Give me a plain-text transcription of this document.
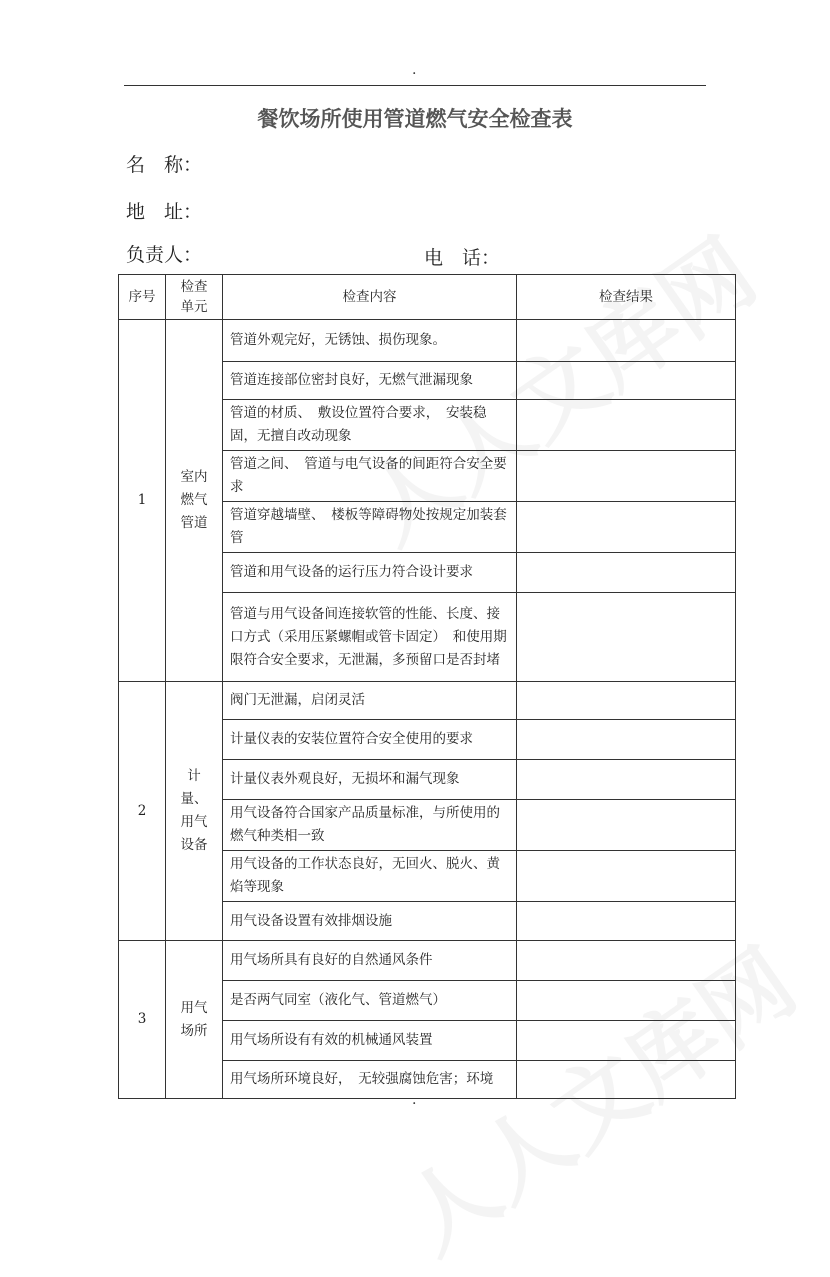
.
餐饮场所使用管道燃气安全检查表
名　称：
地　址：
负责人：	电　话：
序号	检查单元	检查内容	检查结果
1	室内燃气管道	管道外观完好，无锈蚀、损伤现象。	
		管道连接部位密封良好，无燃气泄漏现象	
		管道的材质、　敷设位置符合要求，　安装稳固，无擅自改动现象	
		管道之间、　管道与电气设备的间距符合安全要求	
		管道穿越墙壁、　楼板等障碍物处按规定加装套管	
		管道和用气设备的运行压力符合设计要求	
		管道与用气设备间连接软管的性能、长度、接口方式（采用压紧螺帽或管卡固定）　和使用期限符合安全要求，无泄漏，多预留口是否封堵	
2	计量、用气设备	阀门无泄漏，启闭灵活	
		计量仪表的安装位置符合安全使用的要求	
		计量仪表外观良好，无损坏和漏气现象	
		用气设备符合国家产品质量标准，与所使用的燃气种类相一致	
		用气设备的工作状态良好，无回火、脱火、黄焰等现象	
		用气设备设置有效排烟设施	
3	用气场所	用气场所具有良好的自然通风条件	
		是否两气同室（液化气、管道燃气）	
		用气场所设有有效的机械通风装置	
		用气场所环境良好，　无较强腐蚀危害；环境	
.
